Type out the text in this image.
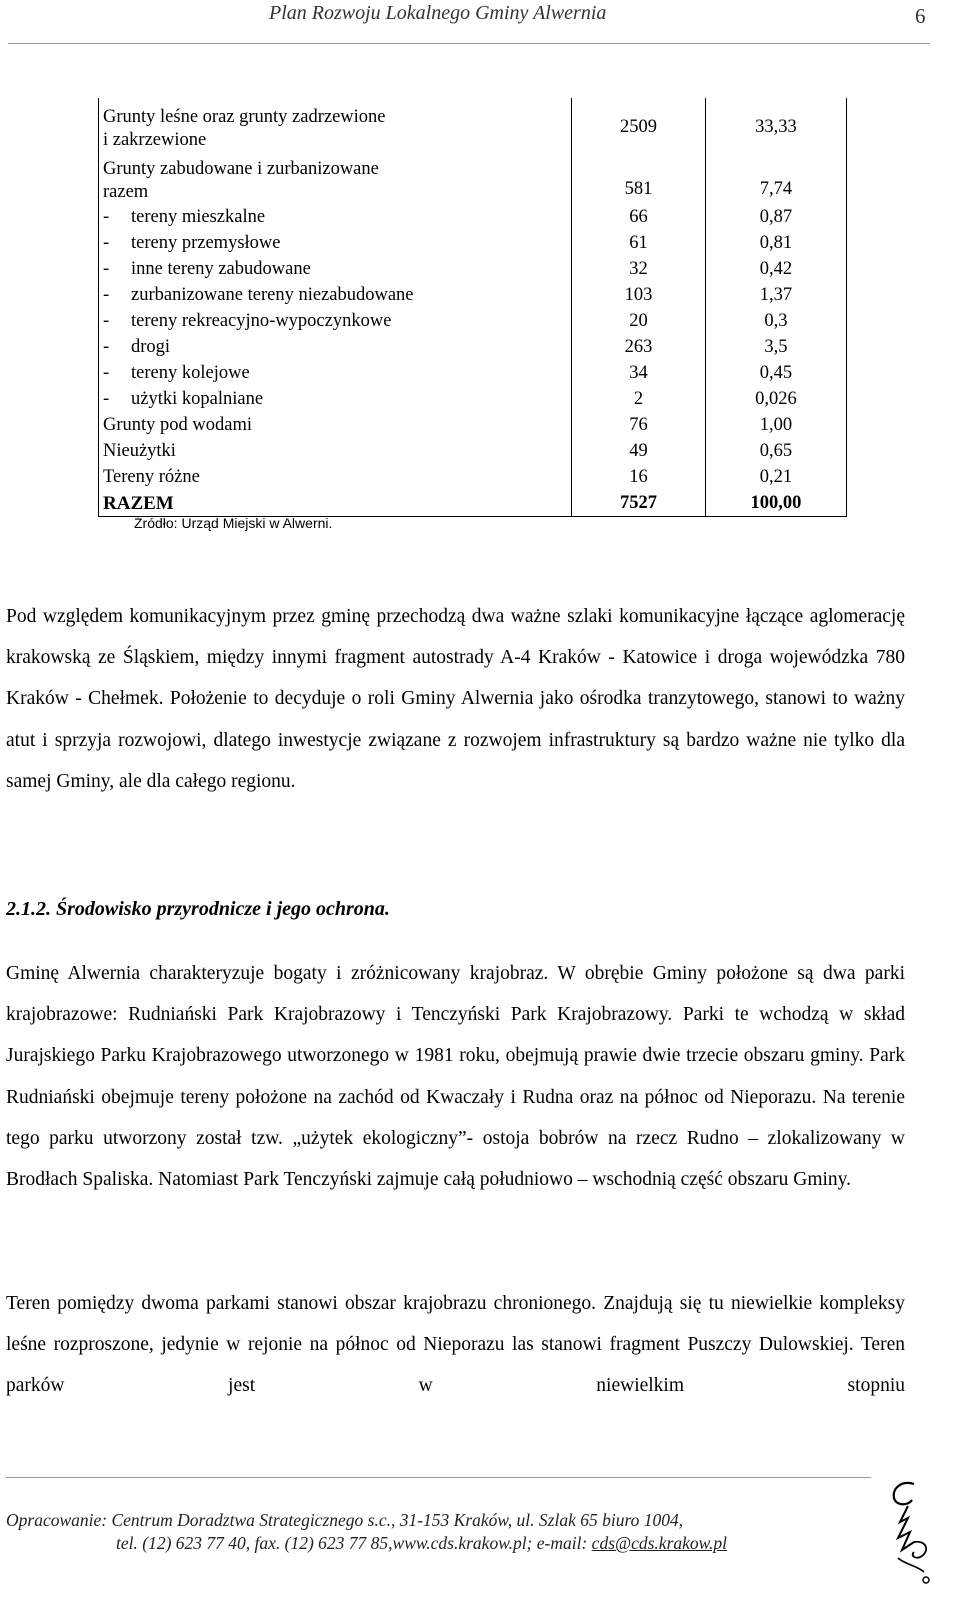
Plan Rozwoju Lokalnego Gminy Alwernia	6
Grunty leśne oraz grunty zadrzewione
i zakrzewione	2509	33,33

Grunty zabudowane i zurbanizowane
razem	581	7,74
- tereny mieszkalne	66	0,87
- tereny przemysłowe	61	0,81
- inne tereny zabudowane	32	0,42
- zurbanizowane tereny niezabudowane	103	1,37
- tereny rekreacyjno-wypoczynkowe	20	0,3
- drogi	263	3,5
- tereny kolejowe	34	0,45
- użytki kopalniane	2	0,026
Grunty pod wodami	76	1,00
Nieużytki	49	0,65
Tereny różne	16	0,21
RAZEM	7527	100,00
Źródło: Urząd Miejski w Alwerni.

Pod względem komunikacyjnym przez gminę przechodzą dwa ważne szlaki komunikacyjne łączące aglomerację krakowską ze Śląskiem, między innymi fragment autostrady A-4 Kraków - Katowice i droga wojewódzka 780 Kraków - Chełmek. Położenie to decyduje o roli Gminy Alwernia jako ośrodka tranzytowego, stanowi to ważny atut i sprzyja rozwojowi, dlatego inwestycje związane z rozwojem infrastruktury są bardzo ważne nie tylko dla samej Gminy, ale dla całego regionu.

2.1.2. Środowisko przyrodnicze i jego ochrona.

Gminę Alwernia charakteryzuje bogaty i zróżnicowany krajobraz. W obrębie Gminy położone są dwa parki krajobrazowe: Rudniański Park Krajobrazowy i Tenczyński Park Krajobrazowy. Parki te wchodzą w skład Jurajskiego Parku Krajobrazowego utworzonego w 1981 roku, obejmują prawie dwie trzecie obszaru gminy. Park Rudniański obejmuje tereny położone na zachód od Kwaczały i Rudna oraz na północ od Nieporazu. Na terenie tego parku utworzony został tzw. „użytek ekologiczny”- ostoja bobrów na rzecz Rudno – zlokalizowany w Brodłach Spaliska. Natomiast Park Tenczyński zajmuje całą południowo – wschodnią część obszaru Gminy.

Teren pomiędzy dwoma parkami stanowi obszar krajobrazu chronionego. Znajdują się tu niewielkie kompleksy leśne rozproszone, jedynie w rejonie na północ od Nieporazu las stanowi fragment Puszczy Dulowskiej. Teren parków jest w niewielkim stopniu

Opracowanie: Centrum Doradztwa Strategicznego s.c., 31-153 Kraków, ul. Szlak 65 biuro 1004,
tel. (12) 623 77 40, fax. (12) 623 77 85,www.cds.krakow.pl; e-mail: cds@cds.krakow.pl
